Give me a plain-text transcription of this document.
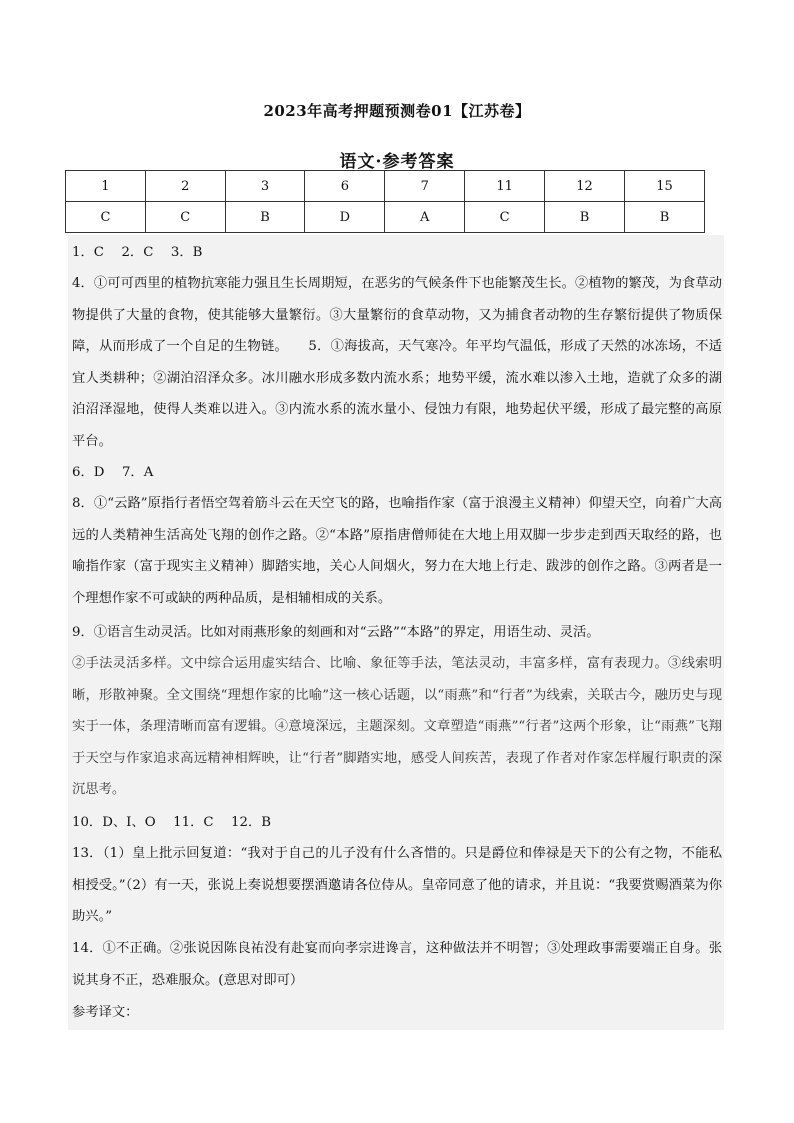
2023年高考押题预测卷01【江苏卷】
语文·参考答案
1	2	3	6	7	11	12	15
C	C	B	D	A	C	B	B

1．C　 2．C　 3．B

4．①可可西里的植物抗寒能力强且生长周期短，在恶劣的气候条件下也能繁茂生长。②植物的繁茂，为食草动物提供了大量的食物，使其能够大量繁衍。③大量繁衍的食草动物，又为捕食者动物的生存繁衍提供了物质保障，从而形成了一个自足的生物链。　　5．①海拔高，天气寒冷。年平均气温低，形成了天然的冰冻场，不适宜人类耕种；②湖泊沼泽众多。冰川融水形成多数内流水系；地势平缓，流水难以渗入土地，造就了众多的湖泊沼泽湿地，使得人类难以进入。③内流水系的流水量小、侵蚀力有限，地势起伏平缓，形成了最完整的高原平台。

6．D　 7．A

8．①“云路”原指行者悟空驾着筋斗云在天空飞的路，也喻指作家（富于浪漫主义精神）仰望天空，向着广大高远的人类精神生活高处飞翔的创作之路。②“本路”原指唐僧师徒在大地上用双脚一步步走到西天取经的路，也喻指作家（富于现实主义精神）脚踏实地，关心人间烟火，努力在大地上行走、跋涉的创作之路。③两者是一个理想作家不可或缺的两种品质，是相辅相成的关系。

9．①语言生动灵活。比如对雨燕形象的刻画和对“云路”“本路”的界定，用语生动、灵活。

②手法灵活多样。文中综合运用虚实结合、比喻、象征等手法，笔法灵动，丰富多样，富有表现力。③线索明晰，形散神聚。全文围绕“理想作家的比喻”这一核心话题，以“雨燕”和“行者”为线索，关联古今，融历史与现实于一体，条理清晰而富有逻辑。④意境深远，主题深刻。文章塑造“雨燕”“行者”这两个形象，让“雨燕”飞翔于天空与作家追求高远精神相辉映，让“行者”脚踏实地，感受人间疾苦，表现了作者对作家怎样履行职责的深沉思考。

10．D、I、O　 11．C　 12．B

13．（1）皇上批示回复道：“我对于自己的儿子没有什么吝惜的。只是爵位和俸禄是天下的公有之物，不能私相授受。”（2）有一天，张说上奏说想要摆酒邀请各位侍从。皇帝同意了他的请求，并且说：“我要赏赐酒菜为你助兴。”

14．①不正确。②张说因陈良祐没有赴宴而向孝宗进谗言，这种做法并不明智；③处理政事需要端正自身。张说其身不正，恐难服众。(意思对即可）

参考译文：
